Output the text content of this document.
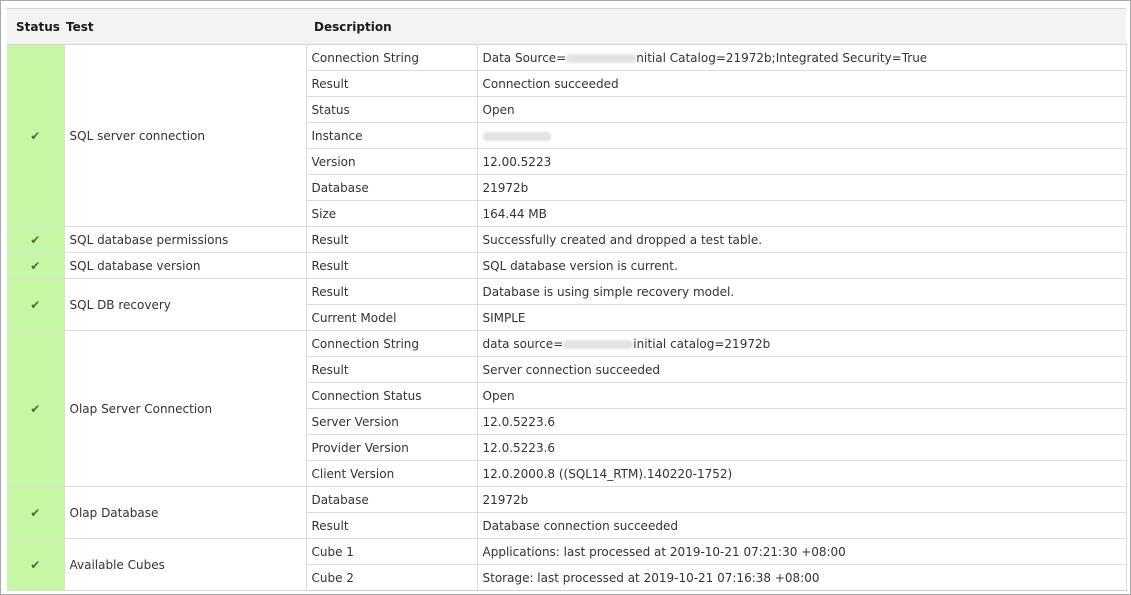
Status	Test	Description	
✔	SQL server connection	Connection String	Data Source= nitial Catalog=21972b;Integrated Security=True
		Result	Connection succeeded
		Status	Open
		Instance	
		Version	12.00.5223
		Database	21972b
		Size	164.44 MB
✔	SQL database permissions	Result	Successfully created and dropped a test table.
✔	SQL database version	Result	SQL database version is current.
✔	SQL DB recovery	Result	Database is using simple recovery model.
		Current Model	SIMPLE
✔	Olap Server Connection	Connection String	data source= initial catalog=21972b
		Result	Server connection succeeded
		Connection Status	Open
		Server Version	12.0.5223.6
		Provider Version	12.0.5223.6
		Client Version	12.0.2000.8 ((SQL14_RTM).140220-1752)
✔	Olap Database	Database	21972b
		Result	Database connection succeeded
✔	Available Cubes	Cube 1	Applications: last processed at 2019-10-21 07:21:30 +08:00
		Cube 2	Storage: last processed at 2019-10-21 07:16:38 +08:00
